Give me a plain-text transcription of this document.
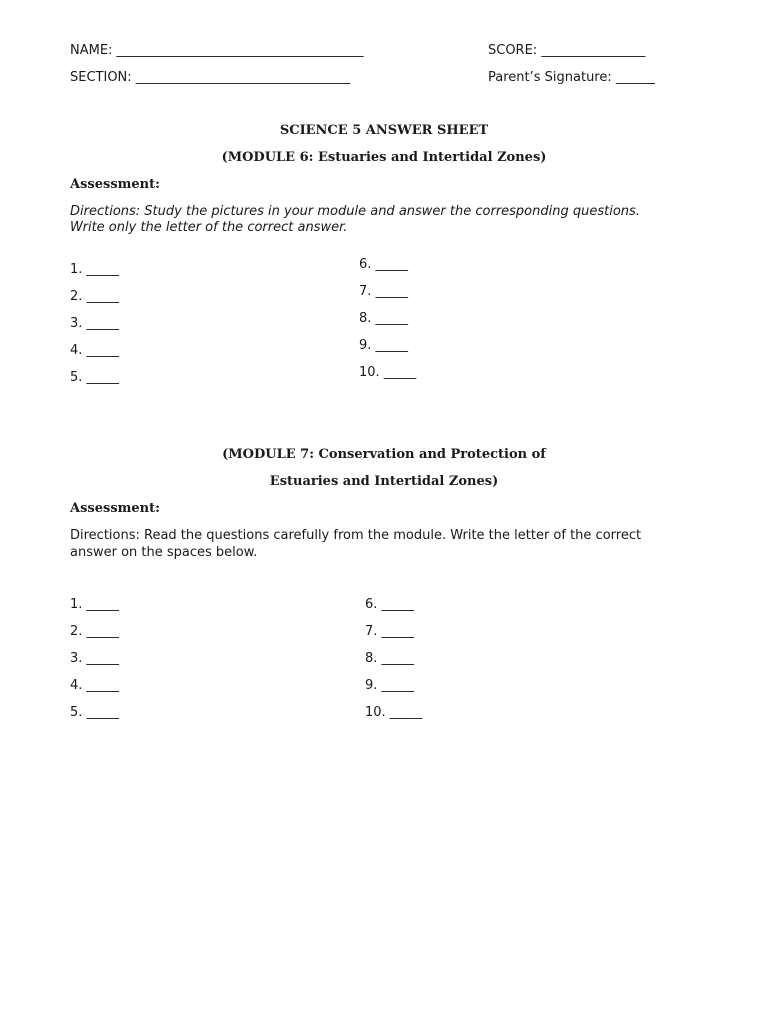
NAME: ______________________________________	SCORE: ________________
SECTION: _________________________________	Parent’s Signature: ______
SCIENCE 5 ANSWER SHEET
(MODULE 6: Estuaries and Intertidal Zones)
Assessment:
Directions: Study the pictures in your module and answer the corresponding questions.
Write only the letter of the correct answer.
1. _____
2. _____
3. _____
4. _____
5. _____
6. _____
7. _____
8. _____
9. _____
10. _____
(MODULE 7: Conservation and Protection of
Estuaries and Intertidal Zones)
Assessment:
Directions: Read the questions carefully from the module. Write the letter of the correct
answer on the spaces below.
1. _____
2. _____
3. _____
4. _____
5. _____
6. _____
7. _____
8. _____
9. _____
10. _____
